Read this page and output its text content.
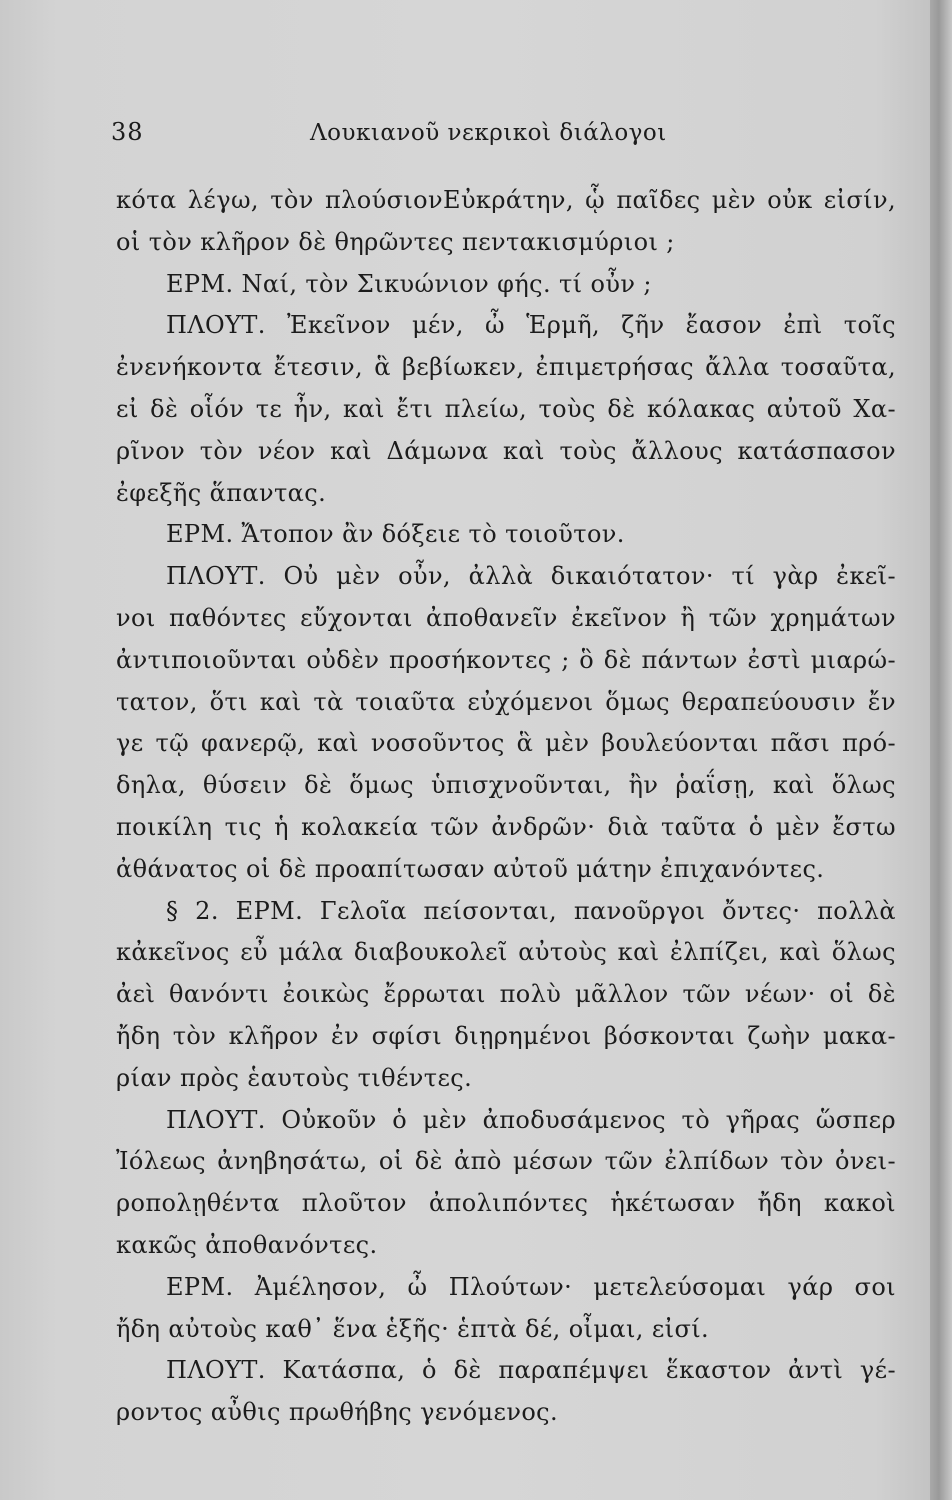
38	Λουκιανοῦ νεκρικοὶ διάλογοι
κότα λέγω, τὸν πλούσιονΕὐκράτην, ᾧ παῖδες μὲν οὐκ εἰσίν,
οἱ τὸν κλῆρον δὲ θηρῶντες πεντακισμύριοι ;
ΕΡΜ. Ναί, τὸν Σικυώνιον φής. τί οὖν ;
ΠΛΟΥΤ. Ἐκεῖνον μέν, ὦ Ἑρμῆ, ζῆν ἔασον ἐπὶ τοῖς
ἐνενήκοντα ἔτεσιν, ἃ βεβίωκεν, ἐπιμετρήσας ἄλλα τοσαῦτα,
εἰ δὲ οἷόν τε ἦν, καὶ ἔτι πλείω, τοὺς δὲ κόλακας αὐτοῦ Χα-
ρῖνον τὸν νέον καὶ Δάμωνα καὶ τοὺς ἄλλους κατάσπασον
ἐφεξῆς ἅπαντας.
ΕΡΜ. Ἄτοπον ἂν δόξειε τὸ τοιοῦτον.
ΠΛΟΥΤ. Οὐ μὲν οὖν, ἀλλὰ δικαιότατον· τί γὰρ ἐκεῖ-
νοι παθόντες εὔχονται ἀποθανεῖν ἐκεῖνον ἢ τῶν χρημάτων
ἀντιποιοῦνται οὐδὲν προσήκοντες ; ὃ δὲ πάντων ἐστὶ μιαρώ-
τατον, ὅτι καὶ τὰ τοιαῦτα εὐχόμενοι ὅμως θεραπεύουσιν ἔν
γε τῷ φανερῷ, καὶ νοσοῦντος ἃ μὲν βουλεύονται πᾶσι πρό-
δηλα, θύσειν δὲ ὅμως ὑπισχνοῦνται, ἢν ῥαΐσῃ, καὶ ὅλως
ποικίλη τις ἡ κολακεία τῶν ἀνδρῶν· διὰ ταῦτα ὁ μὲν ἔστω
ἀθάνατος οἱ δὲ προαπίτωσαν αὐτοῦ μάτην ἐπιχανόντες.
§ 2. ΕΡΜ. Γελοῖα πείσονται, πανοῦργοι ὄντες· πολλὰ
κἀκεῖνος εὖ μάλα διαβουκολεῖ αὐτοὺς καὶ ἐλπίζει, καὶ ὅλως
ἀεὶ θανόντι ἐοικὼς ἔρρωται πολὺ μᾶλλον τῶν νέων· οἱ δὲ
ἤδη τὸν κλῆρον ἐν σφίσι διῃρημένοι βόσκονται ζωὴν μακα-
ρίαν πρὸς ἑαυτοὺς τιθέντες.
ΠΛΟΥΤ. Οὐκοῦν ὁ μὲν ἀποδυσάμενος τὸ γῆρας ὥσπερ
Ἰόλεως ἀνηβησάτω, οἱ δὲ ἀπὸ μέσων τῶν ἐλπίδων τὸν ὀνει-
ροπολῃθέντα πλοῦτον ἀπολιπόντες ἡκέτωσαν ἤδη κακοὶ
κακῶς ἀποθανόντες.
ΕΡΜ. Ἀμέλησον, ὦ Πλούτων· μετελεύσομαι γάρ σοι
ἤδη αὐτοὺς καθ᾽ ἕνα ἑξῆς· ἑπτὰ δέ, οἶμαι, εἰσί.
ΠΛΟΥΤ. Κατάσπα, ὁ δὲ παραπέμψει ἕκαστον ἀντὶ γέ-
ροντος αὖθις πρωθήβης γενόμενος.
